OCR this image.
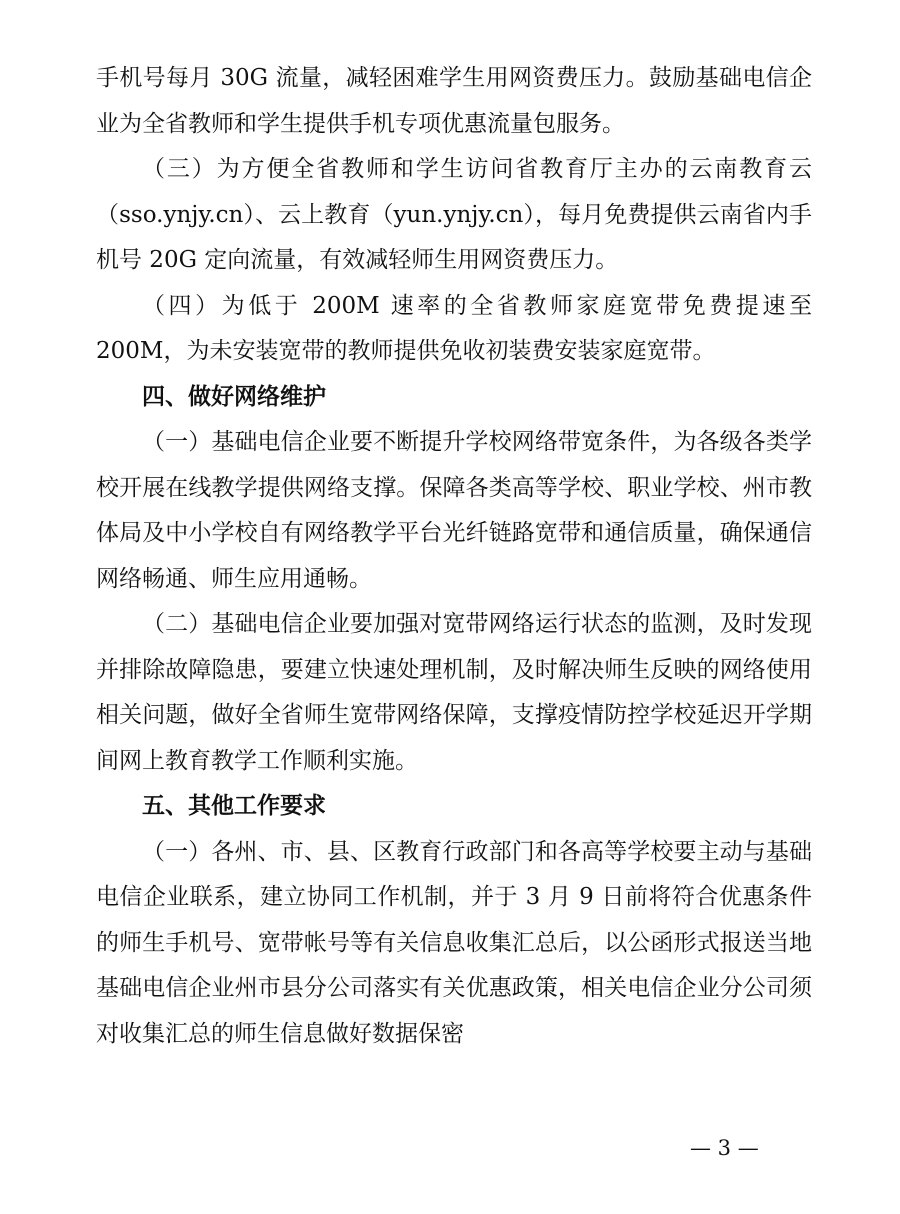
手机号每月 30G 流量，减轻困难学生用网资费压力。鼓励基础电信企业为全省教师和学生提供手机专项优惠流量包服务。

（三）为方便全省教师和学生访问省教育厅主办的云南教育云（sso.ynjy.cn）、云上教育（yun.ynjy.cn），每月免费提供云南省内手机号 20G 定向流量，有效减轻师生用网资费压力。

（四）为低于 200M 速率的全省教师家庭宽带免费提速至 200M，为未安装宽带的教师提供免收初装费安装家庭宽带。

四、做好网络维护

（一）基础电信企业要不断提升学校网络带宽条件，为各级各类学校开展在线教学提供网络支撑。保障各类高等学校、职业学校、州市教体局及中小学校自有网络教学平台光纤链路宽带和通信质量，确保通信网络畅通、师生应用通畅。

（二）基础电信企业要加强对宽带网络运行状态的监测，及时发现并排除故障隐患，要建立快速处理机制，及时解决师生反映的网络使用相关问题，做好全省师生宽带网络保障，支撑疫情防控学校延迟开学期间网上教育教学工作顺利实施。

五、其他工作要求

（一）各州、市、县、区教育行政部门和各高等学校要主动与基础电信企业联系，建立协同工作机制，并于 3 月 9 日前将符合优惠条件的师生手机号、宽带帐号等有关信息收集汇总后，以公函形式报送当地基础电信企业州市县分公司落实有关优惠政策，相关电信企业分公司须对收集汇总的师生信息做好数据保密

— 3 —
